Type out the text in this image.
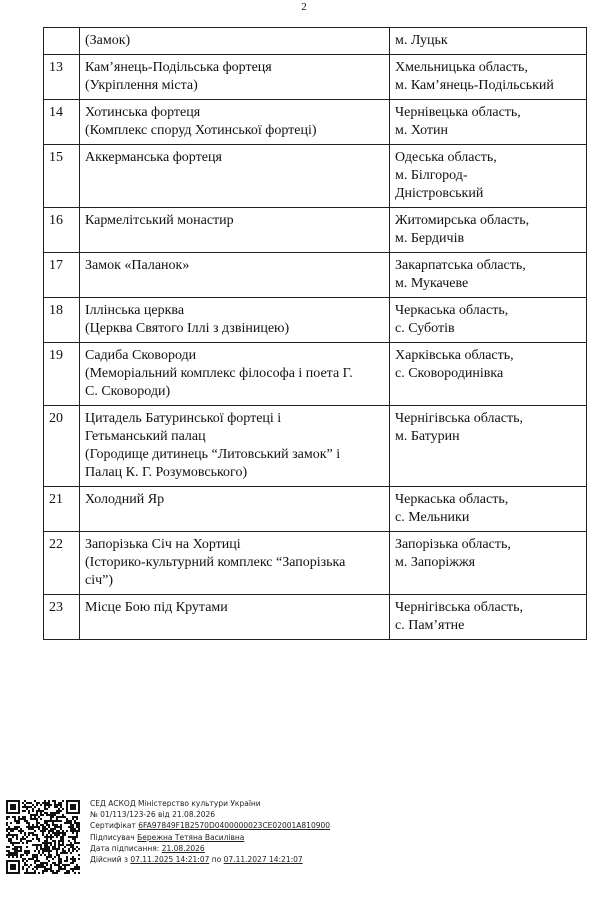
2

	(Замок)	м. Луцьк

13	Кам’янець-Подільська фортеця
(Укріплення міста)	Хмельницька область,
м. Кам’янець-Подільський

14	Хотинська фортеця
(Комплекс споруд Хотинської фортеці)	Чернівецька область,
м. Хотин

15	Аккерманська фортеця	Одеська область,
м. Білгород-
Дністровський

16	Кармелітський монастир	Житомирська область,
м. Бердичів

17	Замок «Паланок»	Закарпатська область,
м. Мукачеве

18	Іллінська церква
(Церква Святого Іллі з дзвіницею)	Черкаська область,
с. Суботів

19	Садиба Сковороди
(Меморіальний комплекс філософа і поета Г.
С. Сковороди)	Харківська область,
с. Сковородинівка

20	Цитадель Батуринської фортеці і
Гетьманський палац
(Городище дитинець “Литовський замок” і
Палац К. Г. Розумовського)	Чернігівська область,
м. Батурин

21	Холодний Яр	Черкаська область,
с. Мельники

22	Запорізька Січ на Хортиці
(Історико-культурний комплекс “Запорізька
січ”)	Запорізька область,
м. Запоріжжя

23	Місце Бою під Крутами	Чернігівська область,
с. Пам’ятне
СЕД АСКОД Міністерство культури України
№ 01/113/123-26 від 21.08.2026
Сертифікат 6FA97849F1B2570D0400000023CE02001A810900
Підписувач Бережна Тетяна Василівна
Дата підписання: 21.08.2026
Дійсний з 07.11.2025 14:21:07 по 07.11.2027 14:21:07
